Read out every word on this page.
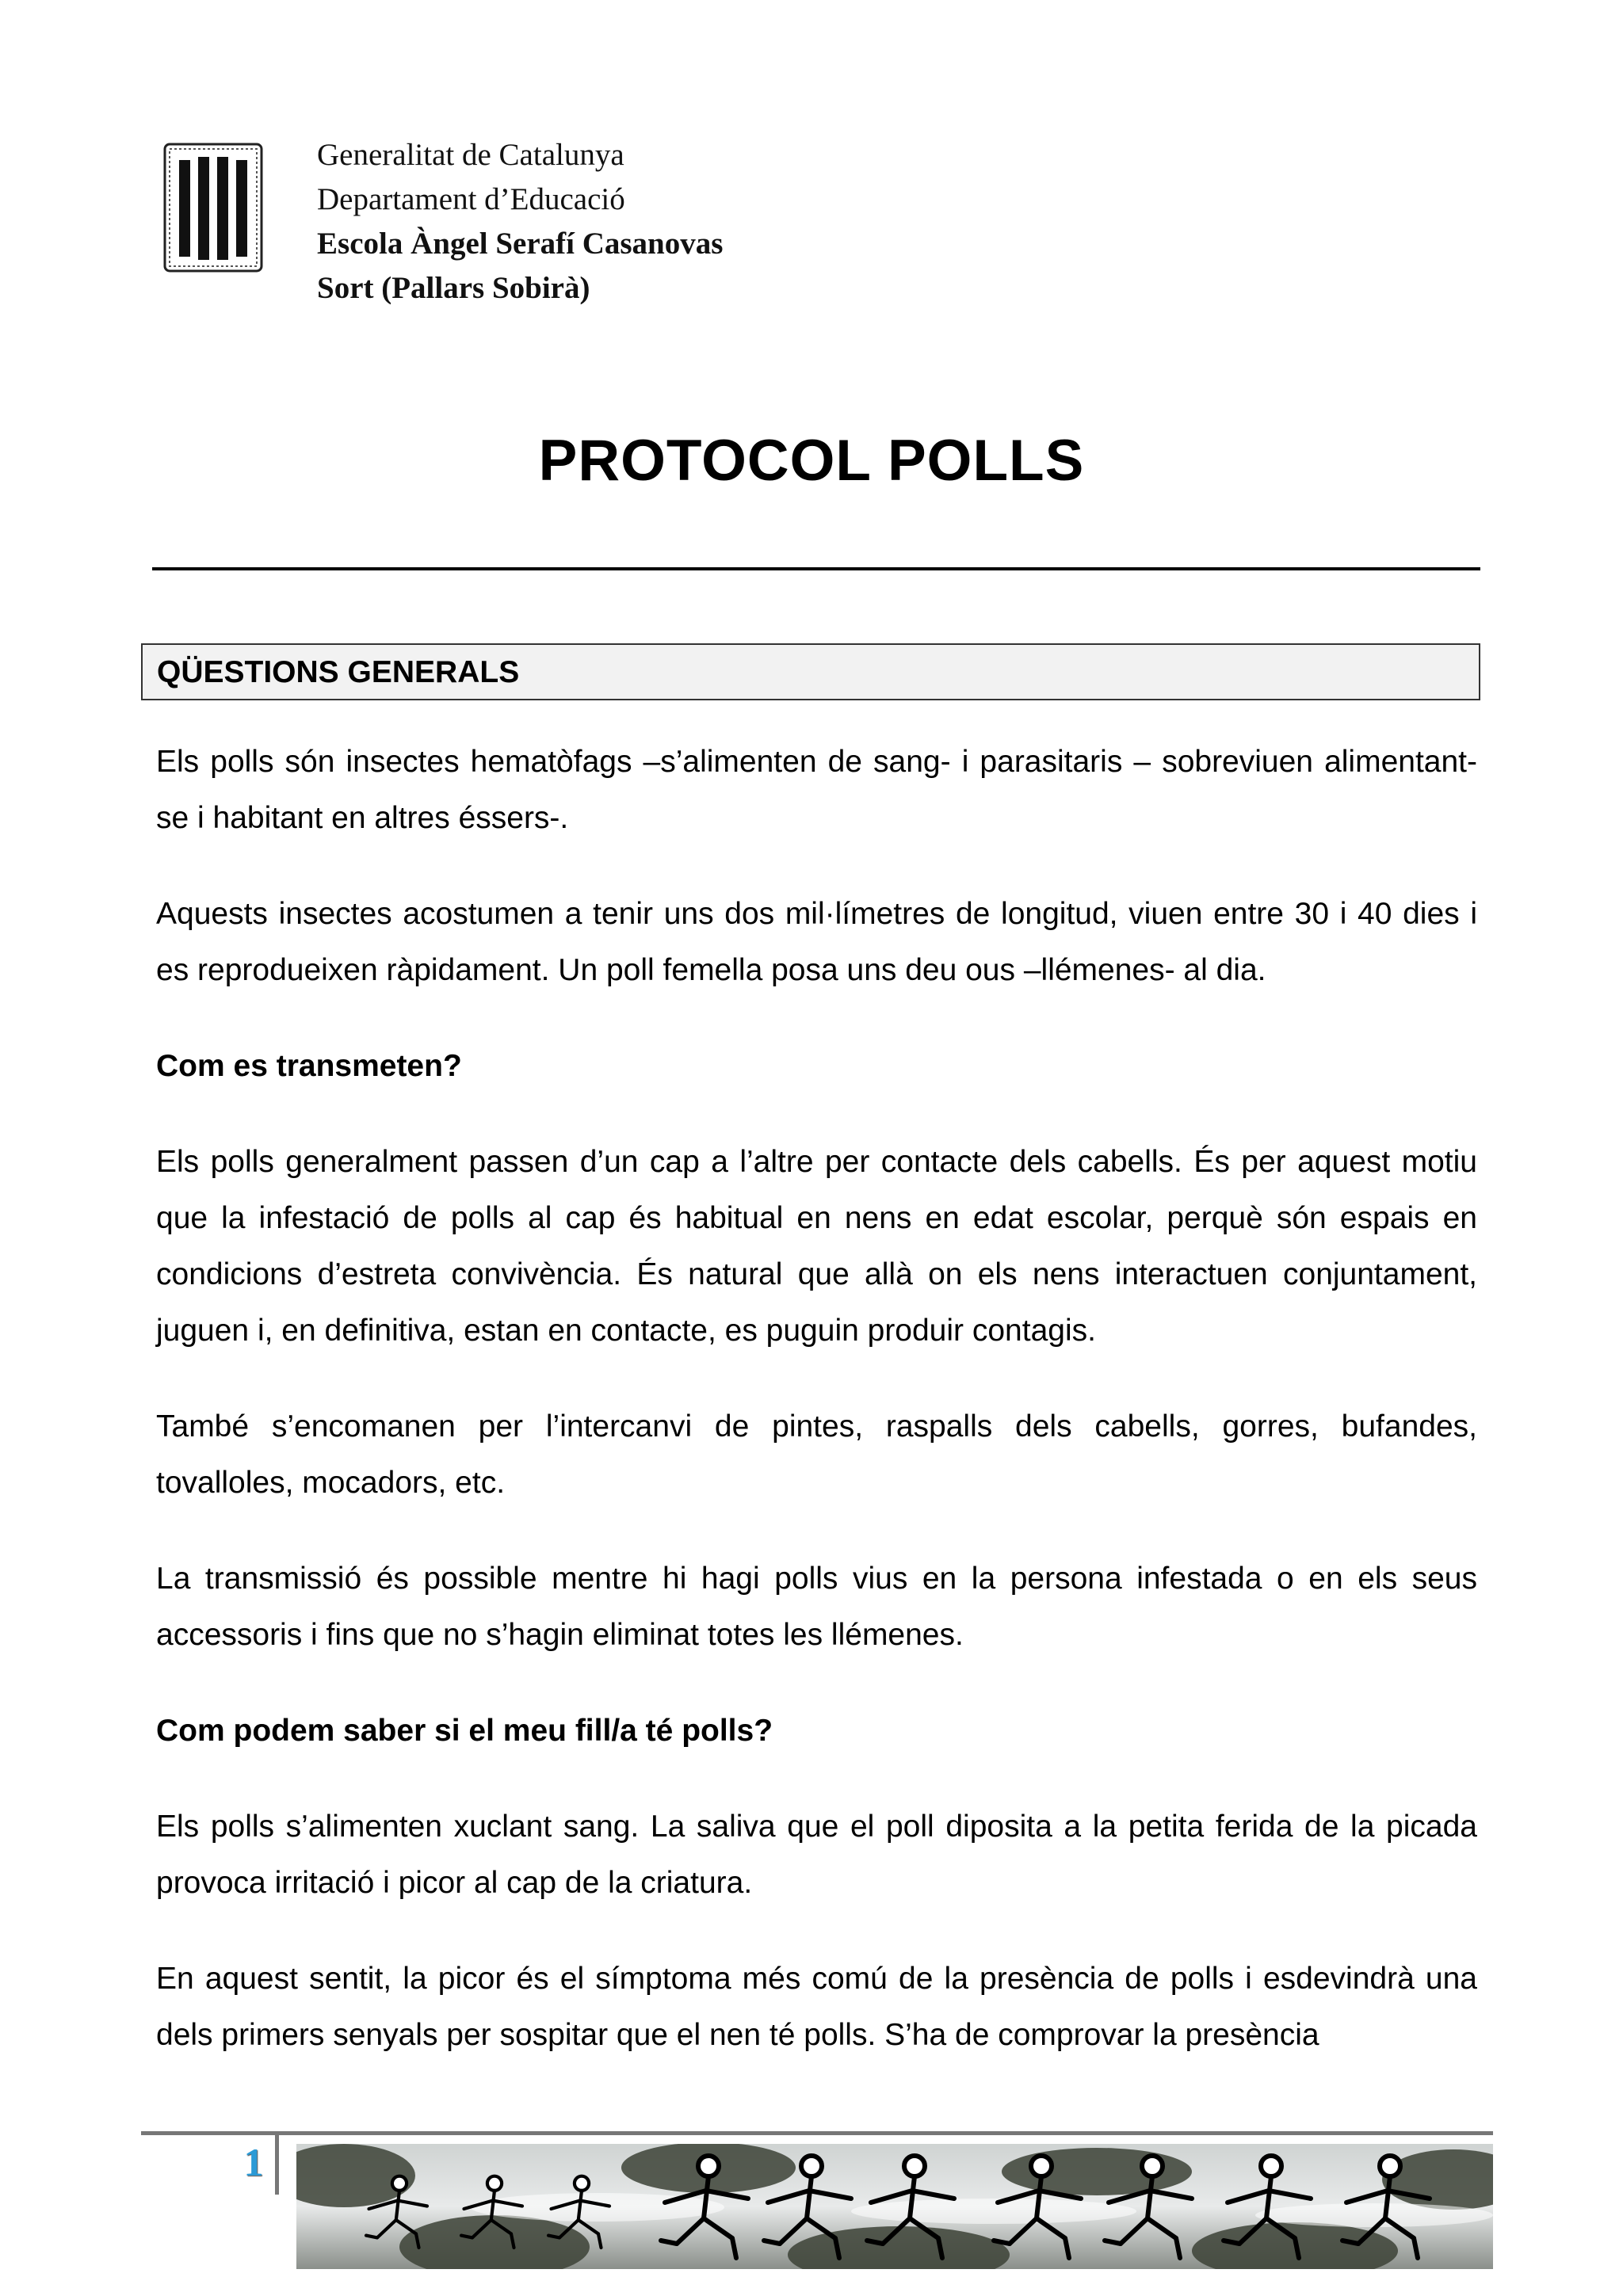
Generalitat de Catalunya
Departament d’Educació
Escola Àngel Serafí Casanovas
Sort (Pallars Sobirà)
PROTOCOL POLLS
QÜESTIONS GENERALS

Els polls són insectes hematòfags –s’alimenten de sang- i parasitaris – sobreviuen alimentant-se i habitant en altres éssers-.

Aquests insectes acostumen a tenir uns dos mil·límetres de longitud, viuen entre 30 i 40 dies i es reprodueixen ràpidament. Un poll femella posa uns deu ous –llémenes- al dia.

Com es transmeten?

Els polls generalment passen d’un cap a l’altre per contacte dels cabells. És per aquest motiu que la infestació de polls al cap és habitual en nens en edat escolar, perquè són espais en condicions d’estreta convivència. És natural que allà on els nens interactuen conjuntament, juguen i, en definitiva, estan en contacte, es puguin produir contagis.

També s’encomanen per l’intercanvi de pintes, raspalls dels cabells, gorres, bufandes, tovalloles, mocadors, etc.

La transmissió és possible mentre hi hagi polls vius en la persona infestada o en els seus accessoris i fins que no s’hagin eliminat totes les llémenes.

Com podem saber si el meu fill/a té polls?

Els polls s’alimenten xuclant sang. La saliva que el poll diposita a la petita ferida de la picada provoca irritació i picor al cap de la criatura.

En aquest sentit, la picor és el símptoma més comú de la presència de polls i esdevindrà una dels primers senyals per sospitar que el nen té polls. S’ha de comprovar la presència

1
